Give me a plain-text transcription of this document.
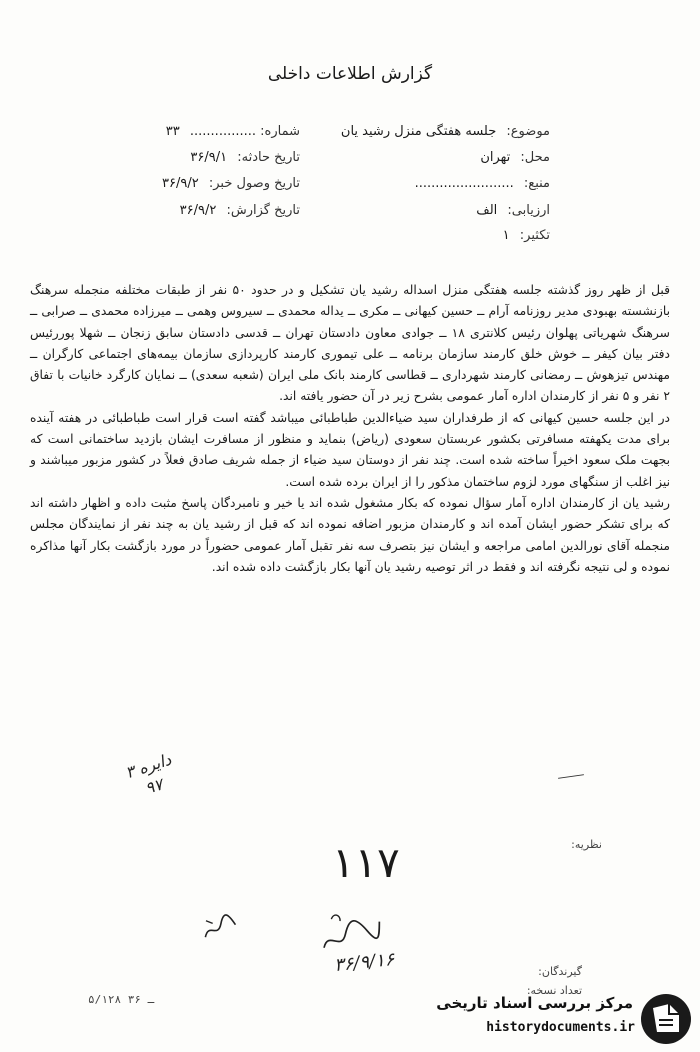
گزارش اطلاعات داخلی
موضوع: جلسه هفتگی منزل رشید یان
محل: تهران
منبع: ........................
ارزیابی: الف
تکثیر: ۱
شماره: ................ ۳۳
تاریخ حادثه: ۳۶/۹/۱
تاریخ وصول خبر: ۳۶/۹/۲
تاریخ گزارش: ۳۶/۹/۲

قبل از ظهر روز گذشته جلسه هفتگی منزل اسداله رشید یان تشکیل و در حدود ۵۰ نفر از طبقات مختلفه منجمله سرهنگ بازنشسته بهبودی مدیر روزنامه آرام ــ حسین کیهانی ــ مکری ــ یداله محمدی ــ سیروس وهمی ــ میرزاده محمدی ــ صرابی ــ سرهنگ شهریاتی پهلوان رئیس کلانتری ۱۸ ــ جوادی معاون دادستان تهران ــ قدسی دادستان سابق زنجان ــ شهلا پوررئیس دفتر بیان کیفر ــ خوش خلق کارمند سازمان برنامه ــ علی تیموری کارمند کارپردازی سازمان بیمه‌های اجتماعی کارگران ــ مهندس تیزهوش ــ رمضانی کارمند شهرداری ــ قطاسی کارمند بانک ملی ایران (شعبه سعدی) ــ نمایان کارگرد خانیات با تفاق ۲ نفر و ۵ نفر از کارمندان اداره آمار عمومی بشرح زیر در آن حضور یافته اند.

در این جلسه حسین کیهانی که از طرفداران سید ضیاءالدین طباطبائی میباشد گفته است قرار است طباطبائی در هفته آینده برای مدت یکهفته مسافرتی بکشور عربستان سعودی (ریاض) بنماید و منظور از مسافرت ایشان بازدید ساختمانی است که بجهت ملک سعود اخیراً ساخته شده است. چند نفر از دوستان سید ضیاء از جمله شریف صادق فعلاً در کشور مزبور میباشند و نیز اغلب از سنگهای مورد لزوم ساختمان مذکور را از ایران برده شده است.

رشید یان از کارمندان اداره آمار سؤال نموده که بکار مشغول شده اند یا خیر و نامبردگان پاسخ مثبت داده و اظهار داشته اند که برای تشکر حضور ایشان آمده اند و کارمندان مزبور اضافه نموده اند که قبل از رشید یان به چند نفر از نمایندگان مجلس منجمله آقای نورالدین امامی مراجعه و ایشان نیز بتصرف سه نفر تقبل آمار عمومی حضوراً در مورد بازگشت بکار آنها مذاکره نموده و لی نتیجه نگرفته اند و فقط در اثر توصیه رشید یان آنها بکار بازگشت داده شده اند.

دایره ۳
۹۷
نظریه:
۱۱۷
۳۶/۹/۱۶	گیرندگان:
تعداد نسخه:
۵/۱۲۸ ـ ۳۶	مرکز بررسی اسناد تاریخی
historydocuments.ir
